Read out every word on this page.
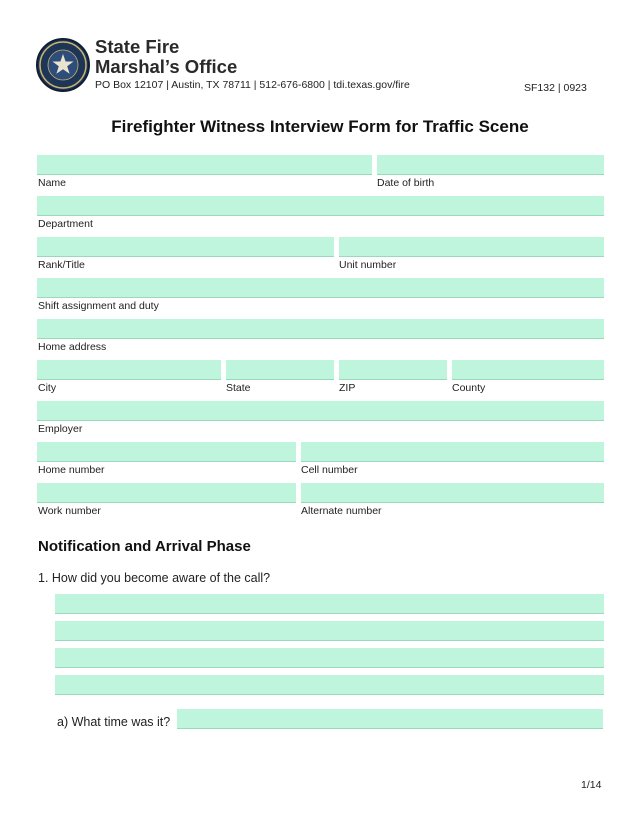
State Fire
Marshal’s Office
PO Box 12107 | Austin, TX 78711 | 512-676-6800 | tdi.texas.gov/fire	SF132 | 0923
Firefighter Witness Interview Form for Traffic Scene
Name	Date of birth
Department
Rank/Title	Unit number
Shift assignment and duty
Home address
City	State	ZIP	County
Employer
Home number	Cell number
Work number	Alternate number
Notification and Arrival Phase
1. How did you become aware of the call?
a) What time was it?
1/14
